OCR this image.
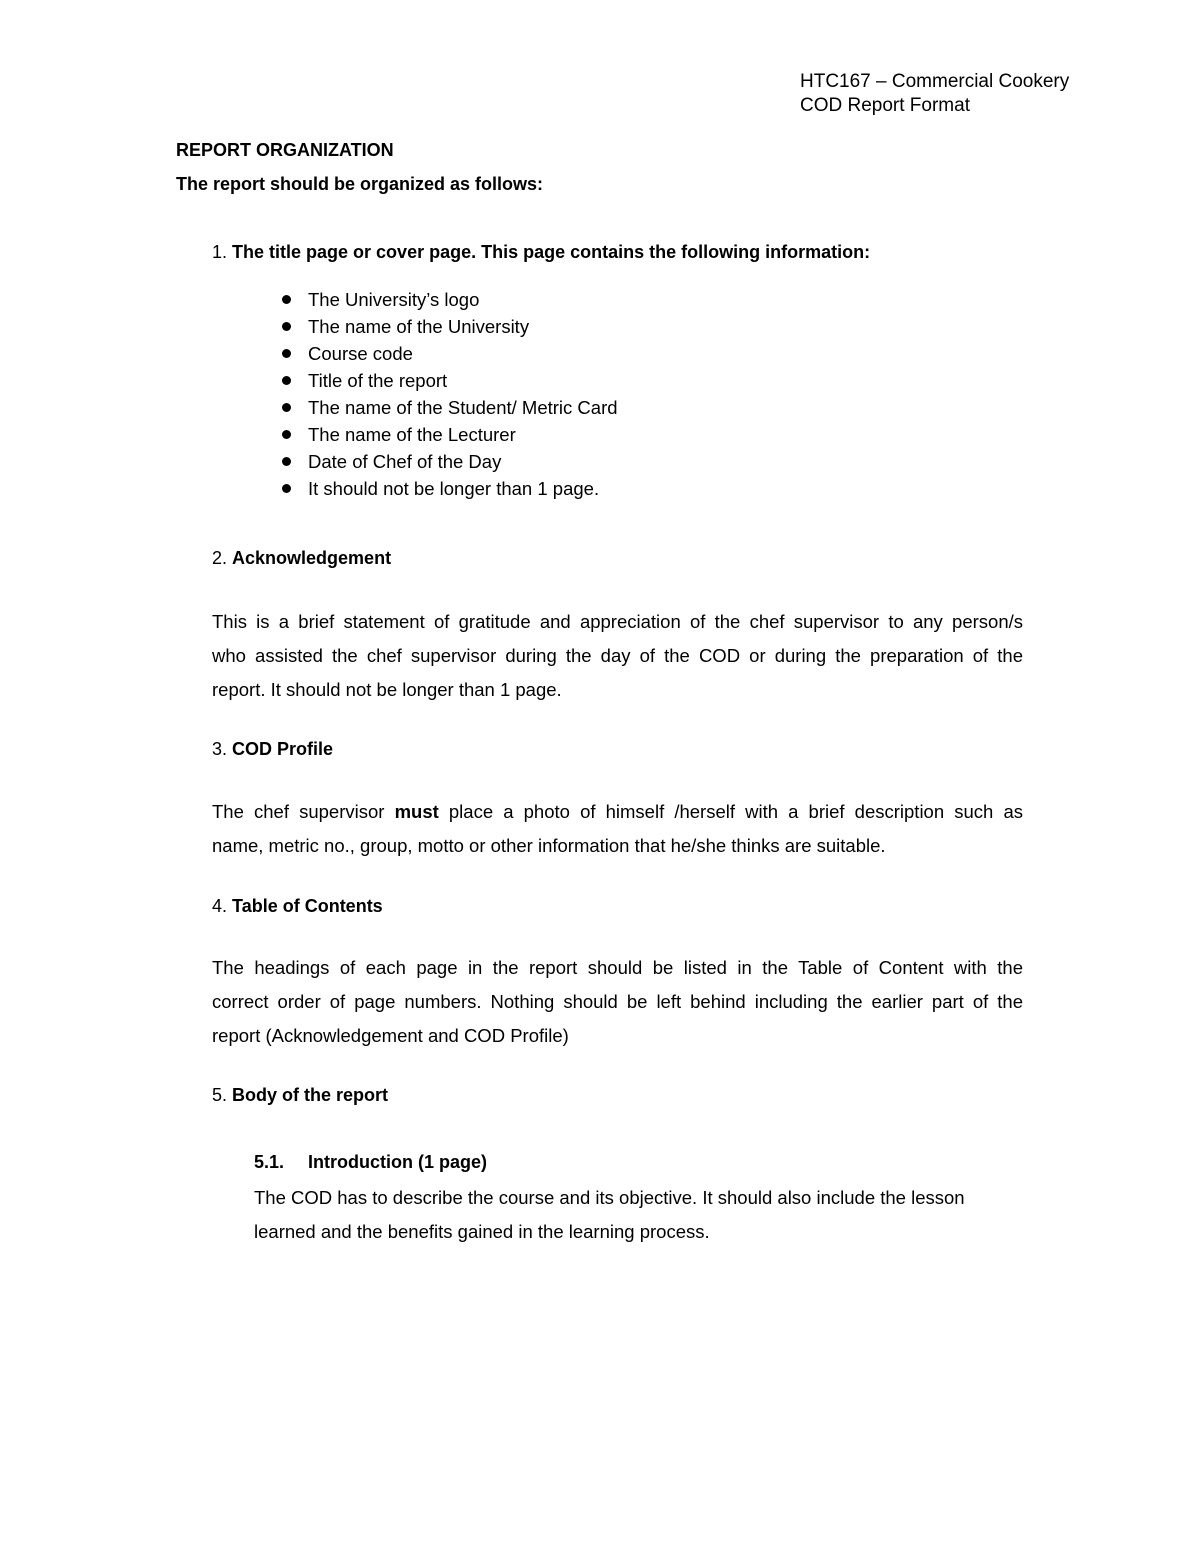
HTC167 – Commercial Cookery
COD Report Format
REPORT ORGANIZATION
The report should be organized as follows:
1. The title page or cover page. This page contains the following information:
The University’s logo
The name of the University
Course code
Title of the report
The name of the Student/ Metric Card
The name of the Lecturer
Date of Chef of the Day
It should not be longer than 1 page.
2. Acknowledgement
This is a brief statement of gratitude and appreciation of the chef supervisor to any person/s
who assisted the chef supervisor during the day of the COD or during the preparation of the
report. It should not be longer than 1 page.
3. COD Profile
The chef supervisor must place a photo of himself /herself with a brief description such as
name, metric no., group, motto or other information that he/she thinks are suitable.
4. Table of Contents
The headings of each page in the report should be listed in the Table of Content with the
correct order of page numbers. Nothing should be left behind including the earlier part of the
report (Acknowledgement and COD Profile)
5. Body of the report
5.1. Introduction (1 page)
The COD has to describe the course and its objective. It should also include the lesson
learned and the benefits gained in the learning process.
